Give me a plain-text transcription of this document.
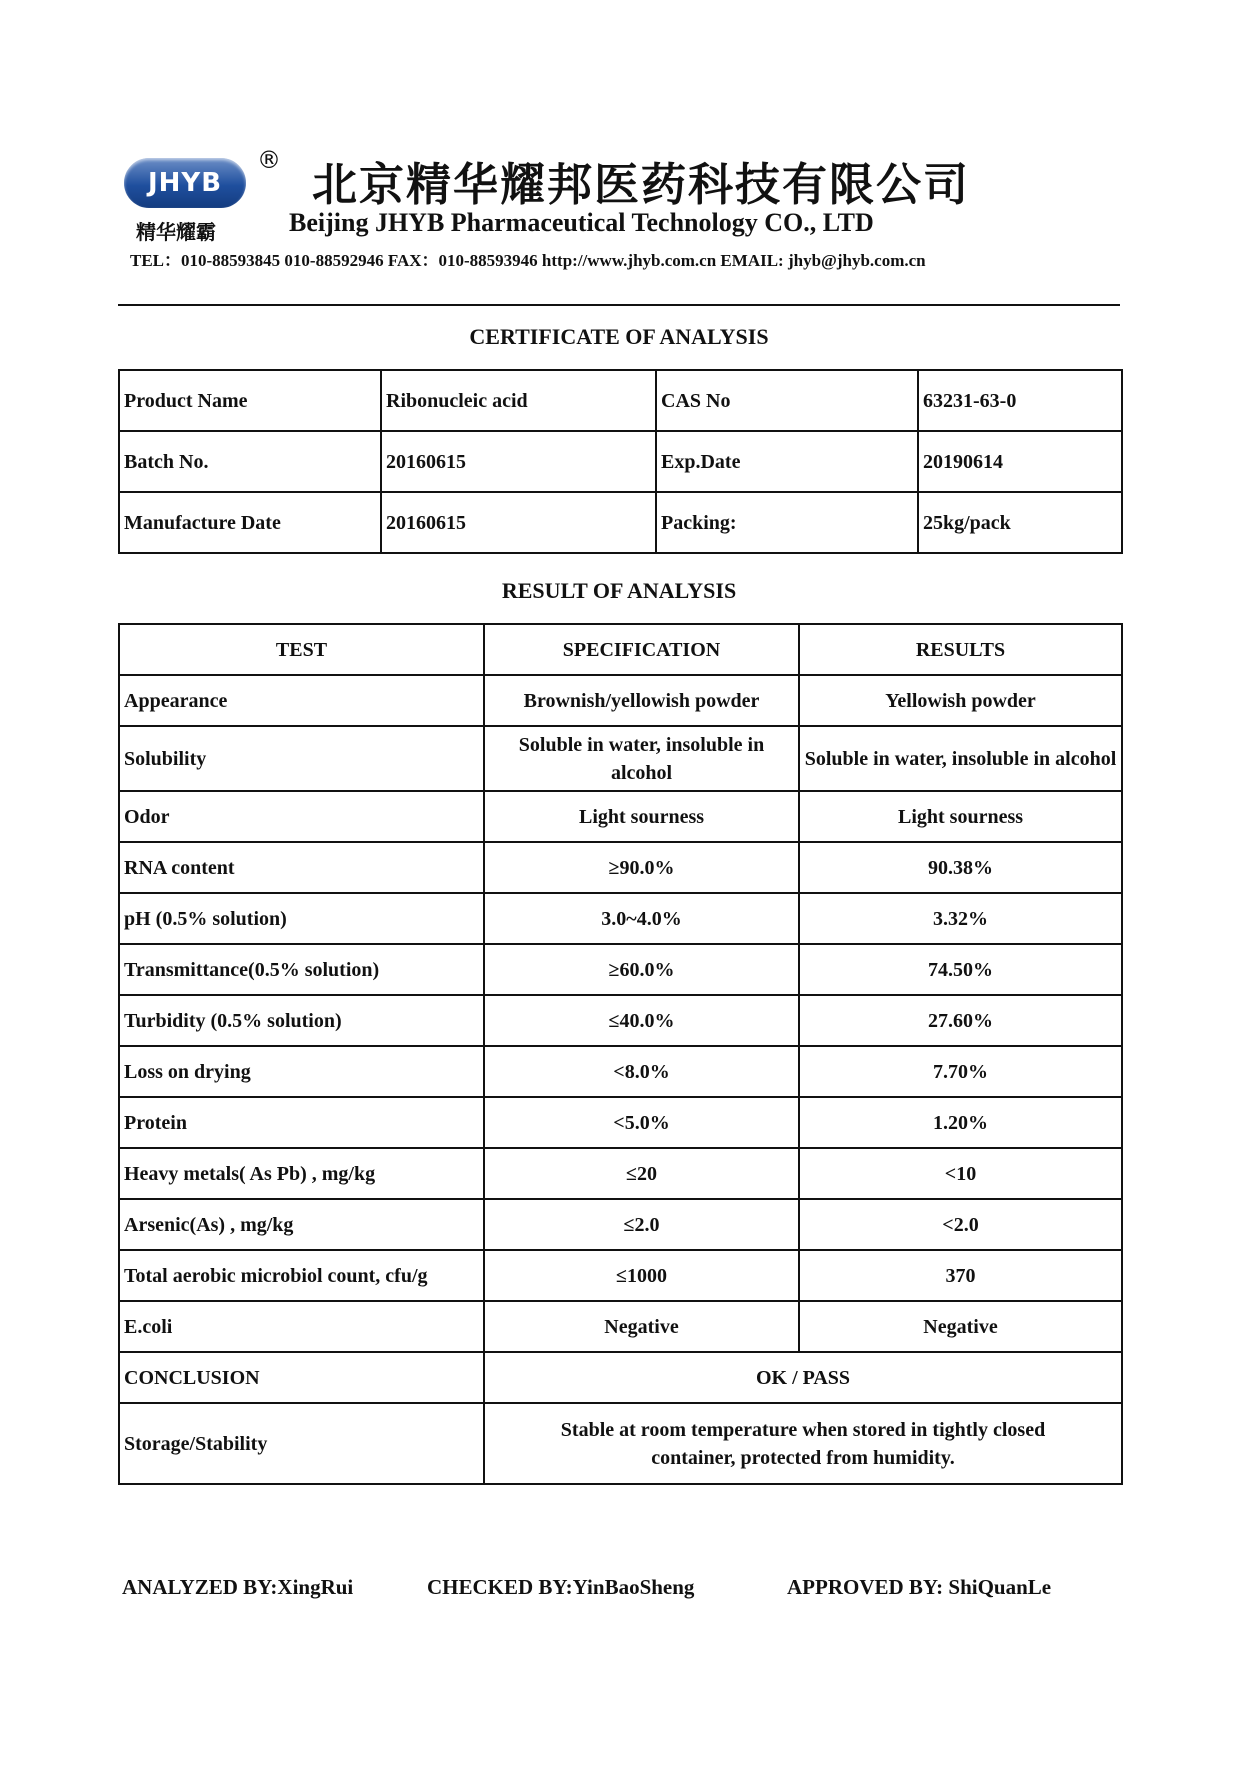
JHYB
®
精华耀霸
北京精华耀邦医药科技有限公司
Beijing JHYB Pharmaceutical Technology CO., LTD
TEL：010-88593845 010-88592946 FAX：010-88593946 http://www.jhyb.com.cn EMAIL: jhyb@jhyb.com.cn
CERTIFICATE OF ANALYSIS
Product Name	Ribonucleic acid	CAS No	63231-63-0
Batch No.	20160615	Exp.Date	20190614
Manufacture Date	20160615	Packing:	25kg/pack
RESULT OF ANALYSIS
TEST	SPECIFICATION	RESULTS
Appearance	Brownish/yellowish powder	Yellowish powder
Solubility	Soluble in water, insoluble in alcohol	Soluble in water, insoluble in alcohol
Odor	Light sourness	Light sourness
RNA content	≥90.0%	90.38%
pH (0.5% solution)	3.0~4.0%	3.32%
Transmittance(0.5% solution)	≥60.0%	74.50%
Turbidity (0.5% solution)	≤40.0%	27.60%
Loss on drying	<8.0%	7.70%
Protein	<5.0%	1.20%
Heavy metals( As Pb) , mg/kg	≤20	<10
Arsenic(As) , mg/kg	≤2.0	<2.0
Total aerobic microbiol count, cfu/g	≤1000	370
E.coli	Negative	Negative
CONCLUSION	OK / PASS	
Storage/Stability	Stable at room temperature when stored in tightly closed container, protected from humidity.	
ANALYZED BY:XingRui	CHECKED BY:YinBaoSheng	APPROVED BY: ShiQuanLe
